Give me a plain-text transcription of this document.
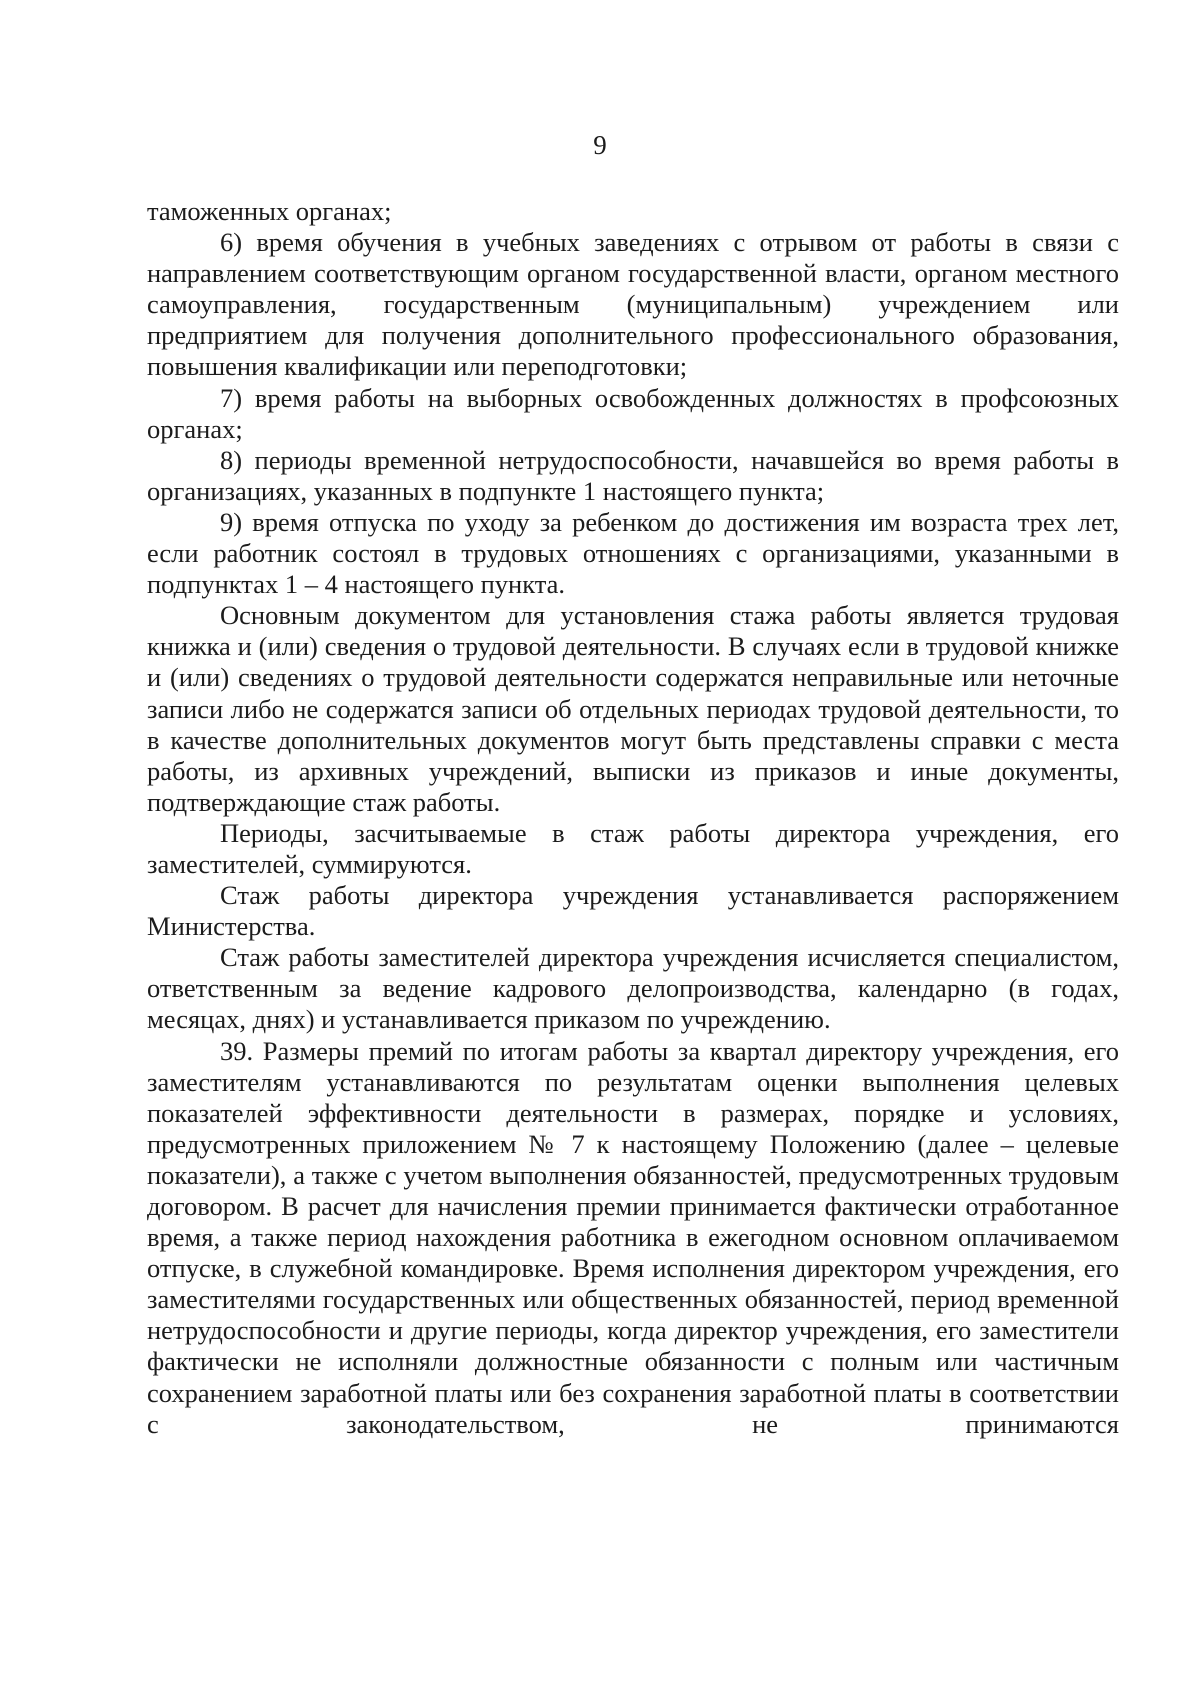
9

таможенных органах;

6) время обучения в учебных заведениях с отрывом от работы в связи с направлением соответствующим органом государственной власти, органом местного самоуправления, государственным (муниципальным) учреждением или предприятием для получения дополнительного профессионального образования, повышения квалификации или переподготовки;

7) время работы на выборных освобожденных должностях в профсоюзных органах;

8) периоды временной нетрудоспособности, начавшейся во время работы в организациях, указанных в подпункте 1 настоящего пункта;

9) время отпуска по уходу за ребенком до достижения им возраста трех лет, если работник состоял в трудовых отношениях с организациями, указанными в подпунктах 1 – 4 настоящего пункта.

Основным документом для установления стажа работы является трудовая книжка и (или) сведения о трудовой деятельности. В случаях если в трудовой книжке и (или) сведениях о трудовой деятельности содержатся неправильные или неточные записи либо не содержатся записи об отдельных периодах трудовой деятельности, то в качестве дополнительных документов могут быть представлены справки с места работы, из архивных учреждений, выписки из приказов и иные документы, подтверждающие стаж работы.

Периоды, засчитываемые в стаж работы директора учреждения, его заместителей, суммируются.

Стаж работы директора учреждения устанавливается распоряжением Министерства.

Стаж работы заместителей директора учреждения исчисляется специалистом, ответственным за ведение кадрового делопроизводства, календарно (в годах, месяцах, днях) и устанавливается приказом по учреждению.

39. Размеры премий по итогам работы за квартал директору учреждения, его заместителям устанавливаются по результатам оценки выполнения целевых показателей эффективности деятельности в размерах, порядке и условиях, предусмотренных приложением № 7 к настоящему Положению (далее – целевые показатели), а также с учетом выполнения обязанностей, предусмотренных трудовым договором. В расчет для начисления премии принимается фактически отработанное время, а также период нахождения работника в ежегодном основном оплачиваемом отпуске, в служебной командировке. Время исполнения директором учреждения, его заместителями государственных или общественных обязанностей, период временной нетрудоспособности и другие периоды, когда директор учреждения, его заместители фактически не исполняли должностные обязанности с полным или частичным сохранением заработной платы или без сохранения заработной платы в соответствии с законодательством, не принимаются
